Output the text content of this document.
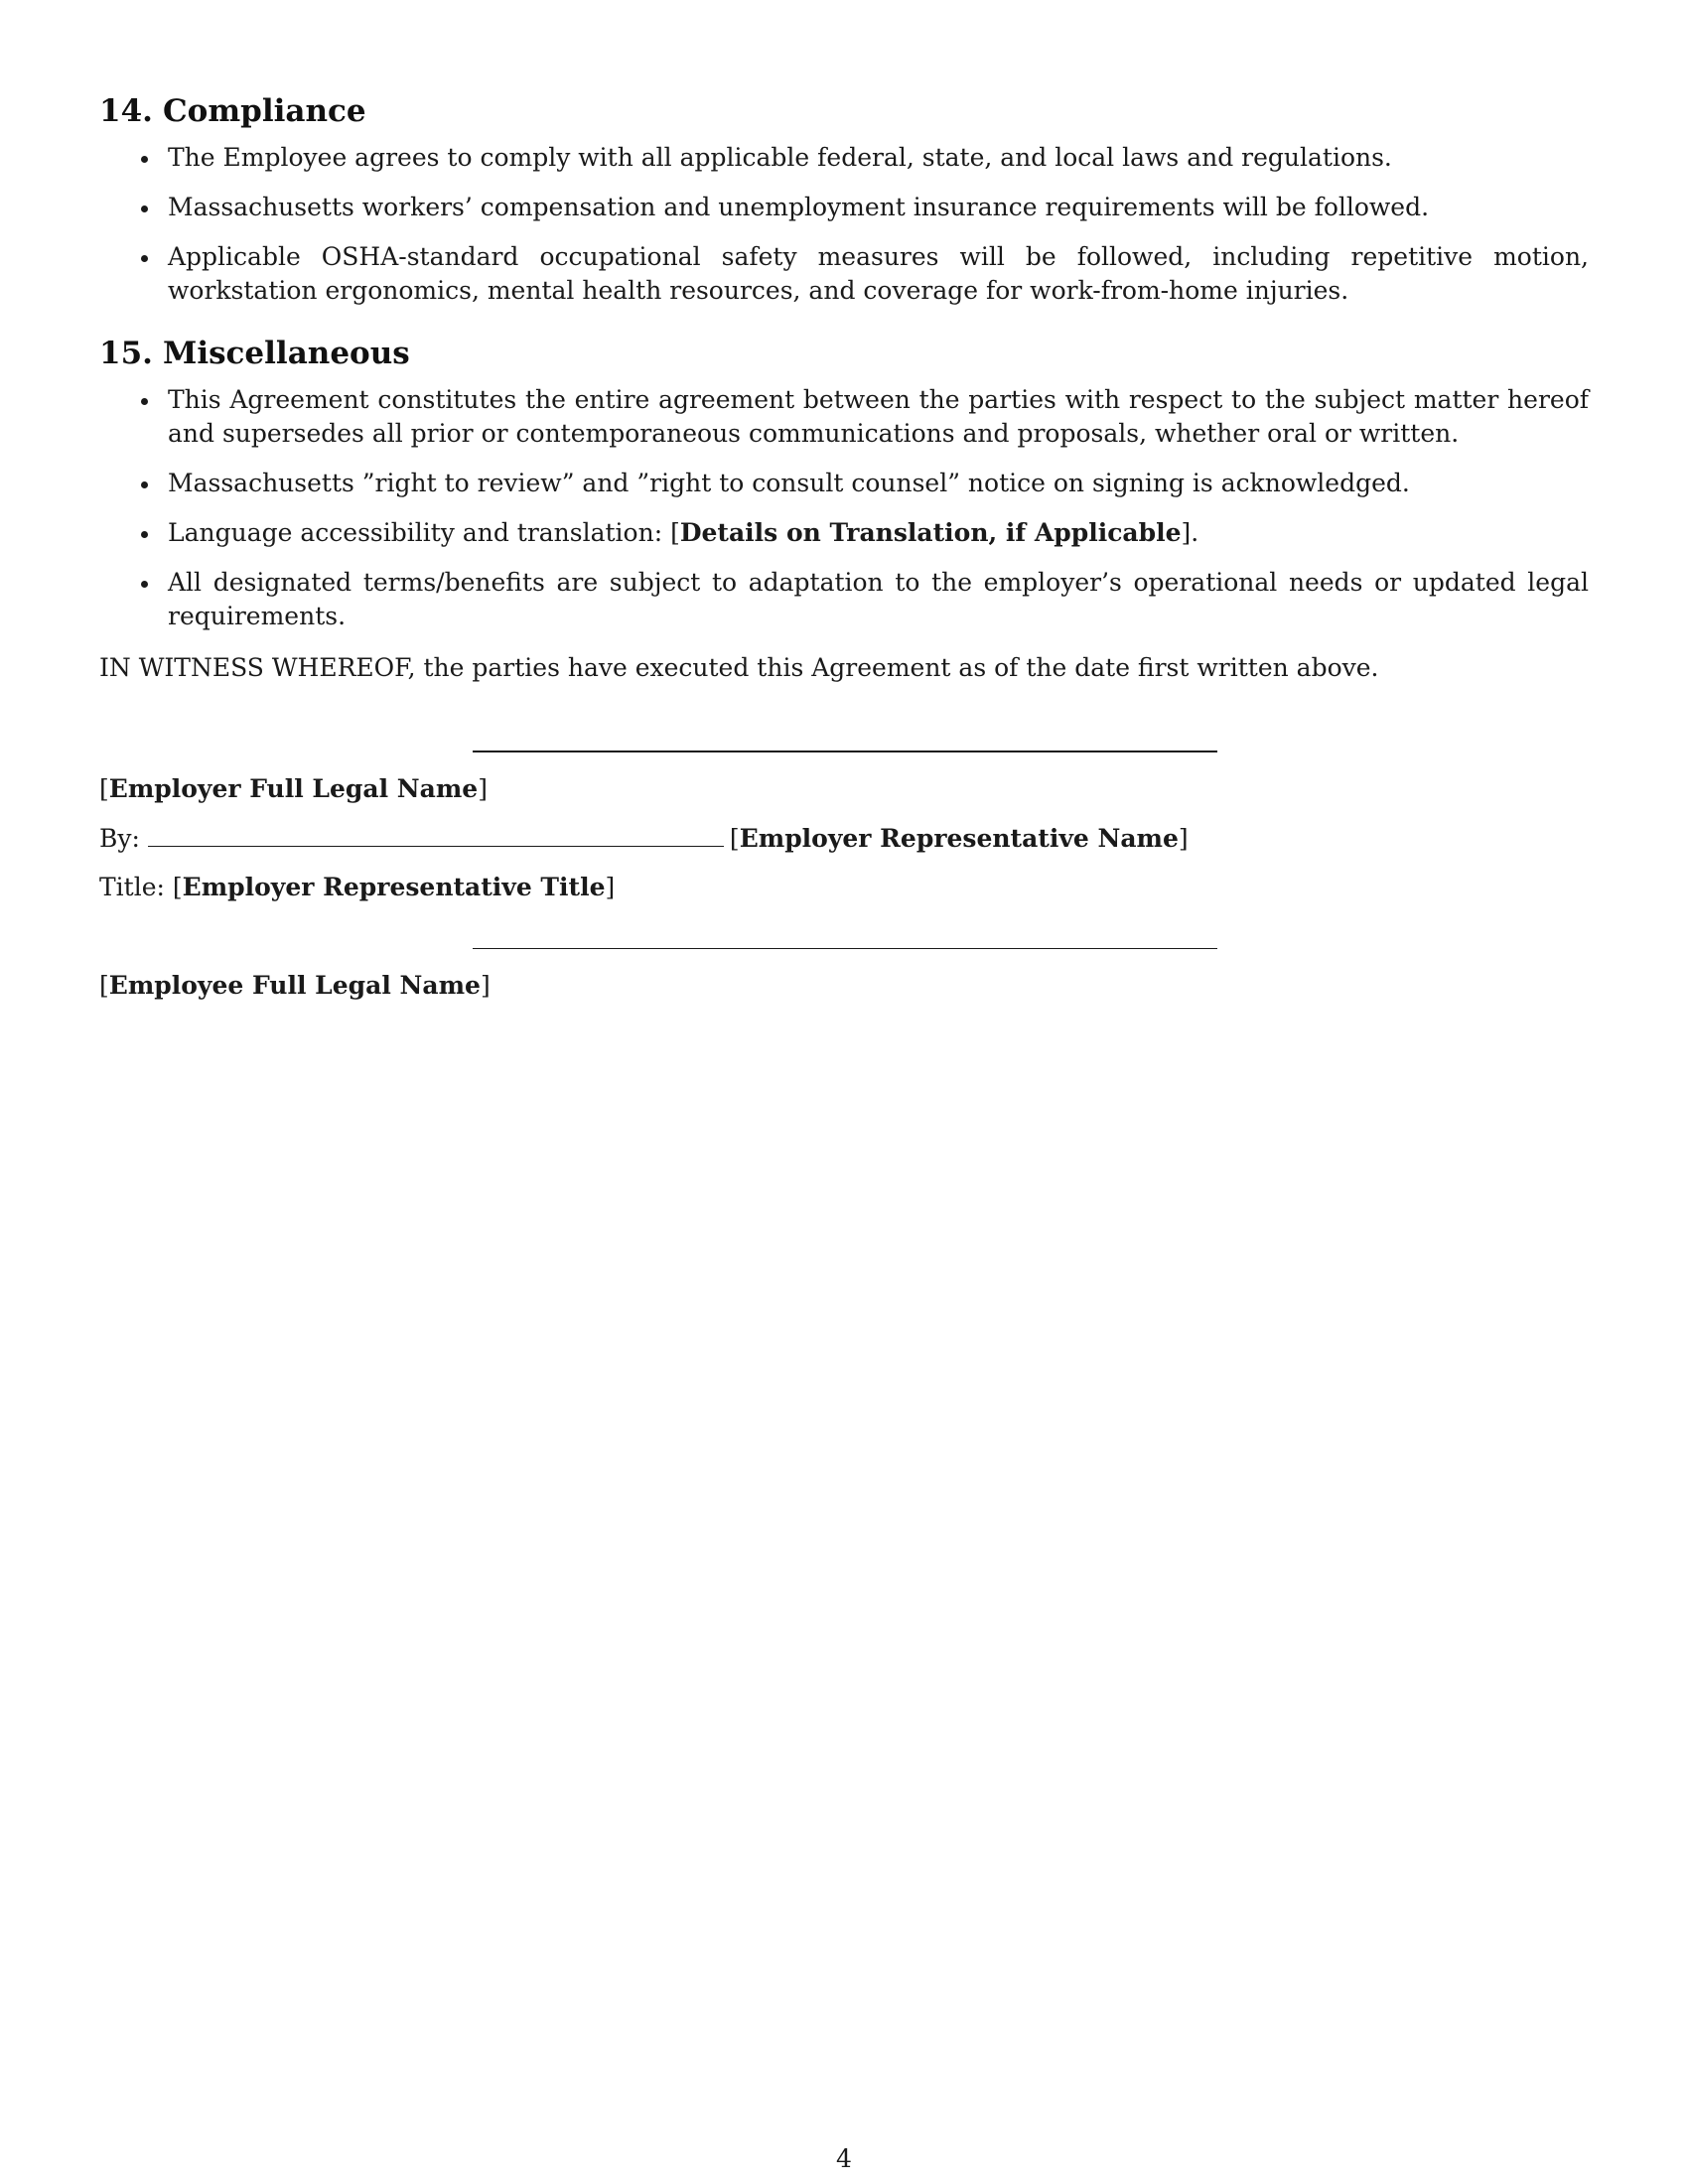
14. Compliance
The Employee agrees to comply with all applicable federal, state, and local laws and regulations.
Massachusetts workers’ compensation and unemployment insurance requirements will be followed.
Applicable OSHA-standard occupational safety measures will be followed, including repetitive motion, workstation ergonomics, mental health resources, and coverage for work-from-home injuries.
15. Miscellaneous
This Agreement constitutes the entire agreement between the parties with respect to the subject matter hereof and supersedes all prior or contemporaneous communications and proposals, whether oral or written.
Massachusetts ”right to review” and ”right to consult counsel” notice on signing is acknowledged.
Language accessibility and translation: [Details on Translation, if Applicable].
All designated terms/benefits are subject to adaptation to the employer’s operational needs or updated legal requirements.

IN WITNESS WHEREOF, the parties have executed this Agreement as of the date first written above.

[Employer Full Legal Name]
By:	[Employer Representative Name]
Title: [Employer Representative Title]
[Employee Full Legal Name]
4
